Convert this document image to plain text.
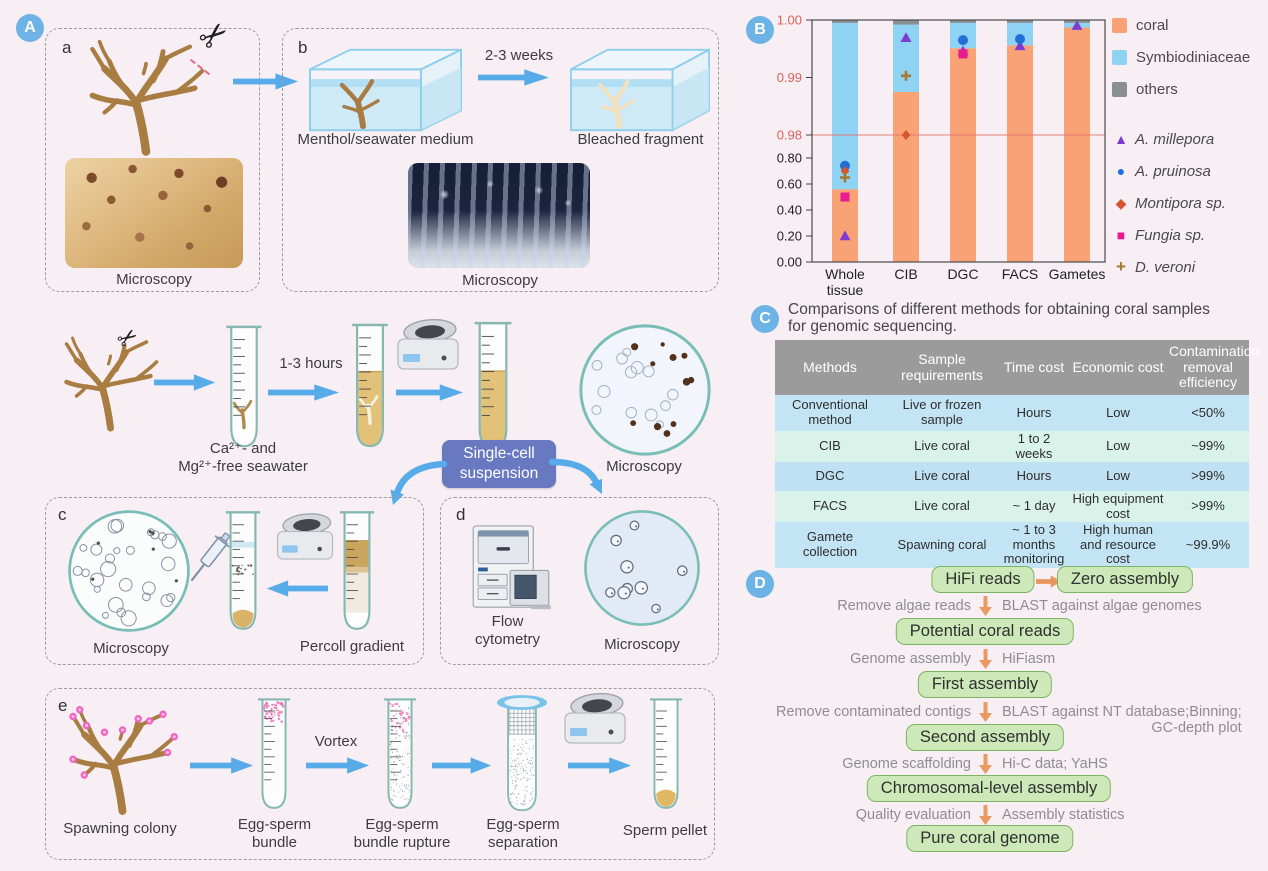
A	B
C
D
a	✂
Microscopy
b
Menthol/seawater medium
2-3 weeks
Bleached fragment
Microscopy
✂
Ca²⁺- and
Mg²⁺-free seawater
1-3 hours
Single-cell
suspension	Microscopy
c
Microscopy	Percoll gradient
d
Flow
cytometry	Microscopy
e
Spawning colony	Egg-sperm
bundle
Vortex
Egg-sperm
bundle rupture
Egg-sperm
separation
Sperm pellet
1.00
0.99
0.98
0.80
0.60
0.40
0.20
0.00
Whole
tissue
CIB DGC FACS Gametes
coral
Symbiodiniaceae
others
▲ A. millepora
● A. pruinosa
◆ Montipora sp.
■ Fungia sp.
+ D. veroni
Comparisons of different methods for obtaining coral samples
for genomic sequencing.
Methods	Sample requirements	Time cost	Economic cost	Contamination removal efficiency
Conventional method	Live or frozen sample	Hours	Low	<50%
CIB	Live coral	1 to 2 weeks	Low	~99%
DGC	Live coral	Hours	Low	>99%
FACS	Live coral	~ 1 day	High equipment cost	>99%
Gamete collection	Spawning coral	~ 1 to 3 months monitoring	High human and resource cost	~99.9%
HiFi reads	Zero assembly
Remove algae reads BLAST against algae genomes
Potential coral reads
Genome assembly HiFiasm
First assembly
Remove contaminated contigs BLAST against NT database;Binning;
GC-depth plot
Second assembly
Genome scaffolding Hi-C data; YaHS
Chromosomal-level assembly
Quality evaluation Assembly statistics
Pure coral genome
